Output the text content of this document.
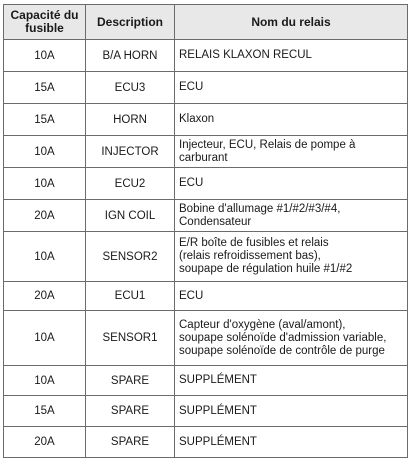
Capacité du fusible	Description	Nom du relais
10A	B/A HORN	RELAIS KLAXON RECUL
15A	ECU3	ECU
15A	HORN	Klaxon
10A	INJECTOR	Injecteur, ECU, Relais de pompe à
carburant
10A	ECU2	ECU
20A	IGN COIL	Bobine d'allumage #1/#2/#3/#4,
Condensateur
10A	SENSOR2	E/R boîte de fusibles et relais
(relais refroidissement bas),
soupape de régulation huile #1/#2
20A	ECU1	ECU
10A	SENSOR1	Capteur d'oxygène (aval/amont),
soupape solénoïde d'admission variable,
soupape solénoïde de contrôle de purge
10A	SPARE	SUPPLÉMENT
15A	SPARE	SUPPLÉMENT
20A	SPARE	SUPPLÉMENT
